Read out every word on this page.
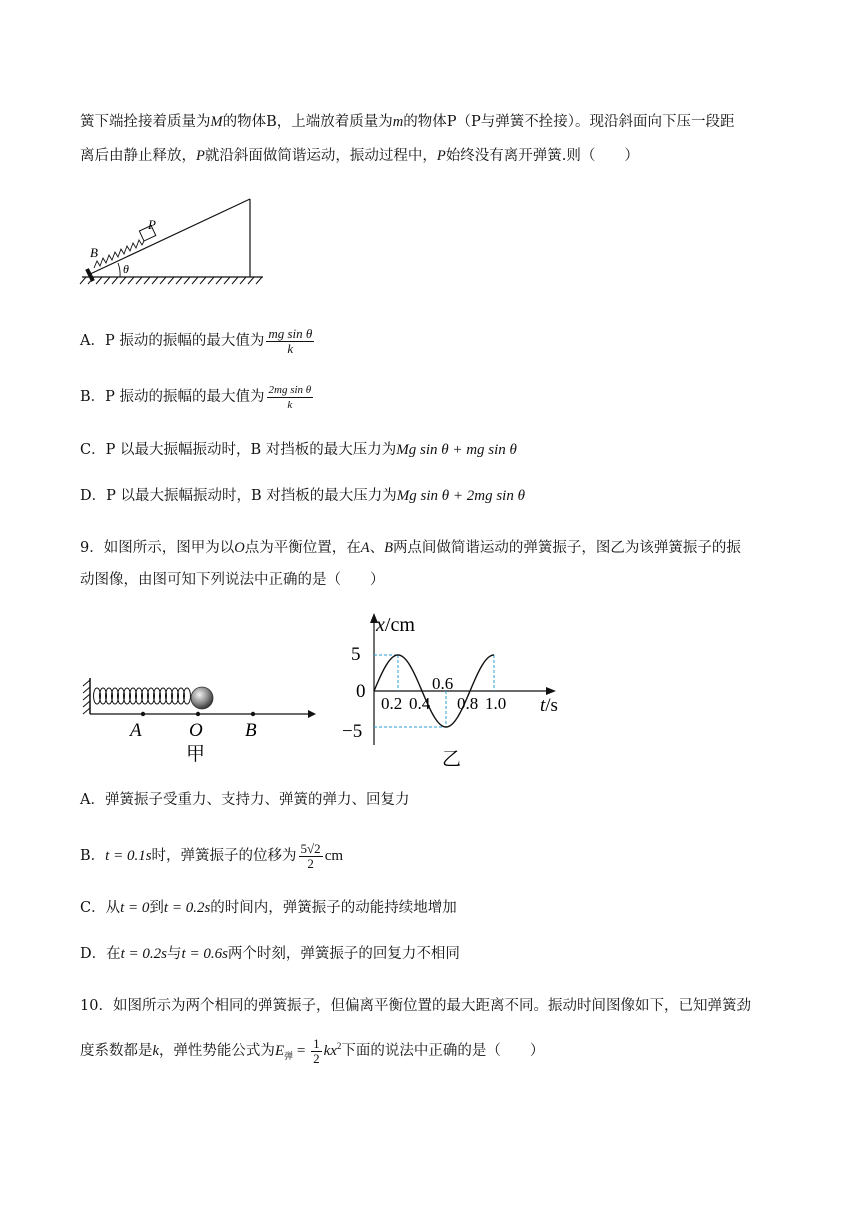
簧下端拴接着质量为M的物体B，上端放着质量为m的物体P（P与弹簧不拴接）。现沿斜面向下压一段距
离后由静止释放，P就沿斜面做简谐运动，振动过程中，P始终没有离开弹簧.则（　　）
B
P
θ
A．P 振动的振幅的最大值为 $\frac{\text{mg sin θ}}{k}$
B．P 振动的振幅的最大值为 $\frac{\text{2mg sin θ}}{k}$
C．P 以最大振幅振动时，B 对挡板的最大压力为Mg sin θ + mg sin θ
D．P 以最大振幅振动时，B 对挡板的最大压力为Mg sin θ + 2mg sin θ
9．如图所示，图甲为以O点为平衡位置，在A、B两点间做简谐运动的弹簧振子，图乙为该弹簧振子的振
动图像，由图可知下列说法中正确的是（　　）
A O B
甲
x/cm
5
0
−5
0.2 0.4
0.6
0.8 1.0 t/s
乙
A．弹簧振子受重力、支持力、弹簧的弹力、回复力
B．t = 0.1s时，弹簧振子的位移为 $\frac{5√2}{2}$ cm
C．从t = 0到t = 0.2s的时间内，弹簧振子的动能持续地增加
D．在t = 0.2s与t = 0.6s两个时刻，弹簧振子的回复力不相同
10．如图所示为两个相同的弹簧振子，但偏离平衡位置的最大距离不同。振动时间图像如下，已知弹簧劲
度系数都是k，弹性势能公式为$E_弹 = \frac{1}{2} kx^2$下面的说法中正确的是（　　）
